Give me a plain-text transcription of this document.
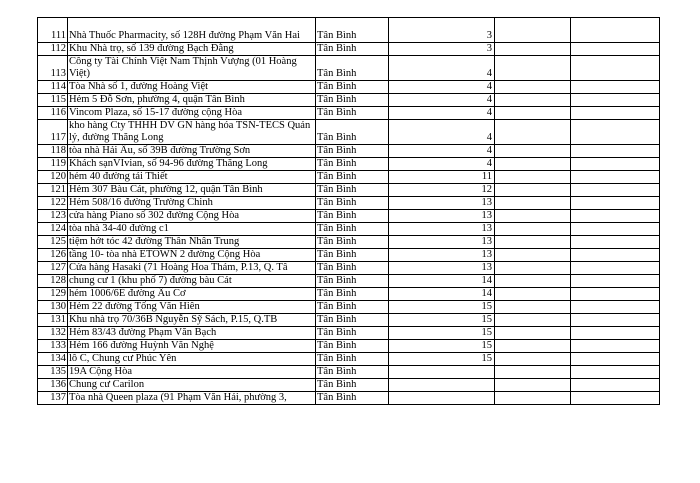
111	Nhà Thuốc Pharmacity, số 128H đường Phạm Văn Hai	Tân Bình	3		
112	Khu Nhà trọ, số 139 đường Bạch Đằng	Tân Bình	3		
113	Công ty Tài Chính Việt Nam Thịnh Vượng (01 Hoàng Việt)	Tân Bình	4		
114	Tòa Nhà số 1, đường Hoàng Việt	Tân Bình	4		
115	Hẻm 5 Đỗ Sơn, phường 4, quận Tân Bình	Tân Bình	4		
116	Vincom Plaza, số 15-17 đường cộng Hòa	Tân Bình	4		
117	kho hàng Cty THHH DV GN hàng hóa TSN-TECS Quản lý, đường Thăng Long	Tân Bình	4		
118	tòa nhà Hải Âu, số 39B đường Trường Sơn	Tân Bình	4		
119	Khách sạnVIvian, số 94-96 đường Thăng Long	Tân Bình	4		
120	hẻm 40 đường tái Thiết	Tân Bình	11		
121	Hẻm 307 Bàu Cát, phường 12, quận Tân Bình	Tân Bình	12		
122	Hẻm 508/16 đường Trường Chinh	Tân Bình	13		
123	cửa hàng Piano số 302 đường Cộng Hòa	Tân Bình	13		
124	tòa nhà 34-40 đường c1	Tân Bình	13		
125	tiệm hớt tóc 42 đường Thân Nhân Trung	Tân Bình	13		
126	tầng 10- tòa nhà ETOWN 2 đường Cộng Hòa	Tân Bình	13		
127	Cửa hàng Hasaki (71 Hoàng Hoa Thám, P.13, Q. Tâ	Tân Bình	13		
128	chung cư 1 (khu phố 7) đường bàu Cát	Tân Bình	14		
129	hẻm 1006/6E đường Âu Cơ	Tân Bình	14		
130	Hẻm 22 đường Tống Văn Hiên	Tân Bình	15		
131	Khu nhà trọ 70/36B Nguyễn Sỹ Sách, P.15, Q.TB	Tân Bình	15		
132	Hẻm 83/43 đường Phạm Văn Bạch	Tân Bình	15		
133	Hẻm 166 đường Huỳnh Văn Nghệ	Tân Bình	15		
134	lô C, Chung cư Phúc Yên	Tân Bình	15		
135	19A Cộng Hòa	Tân Bình			
136	Chung cư Carilon	Tân Bình			
137	Tòa nhà Queen plaza (91 Phạm Văn Hải, phường 3,	Tân Bình			
